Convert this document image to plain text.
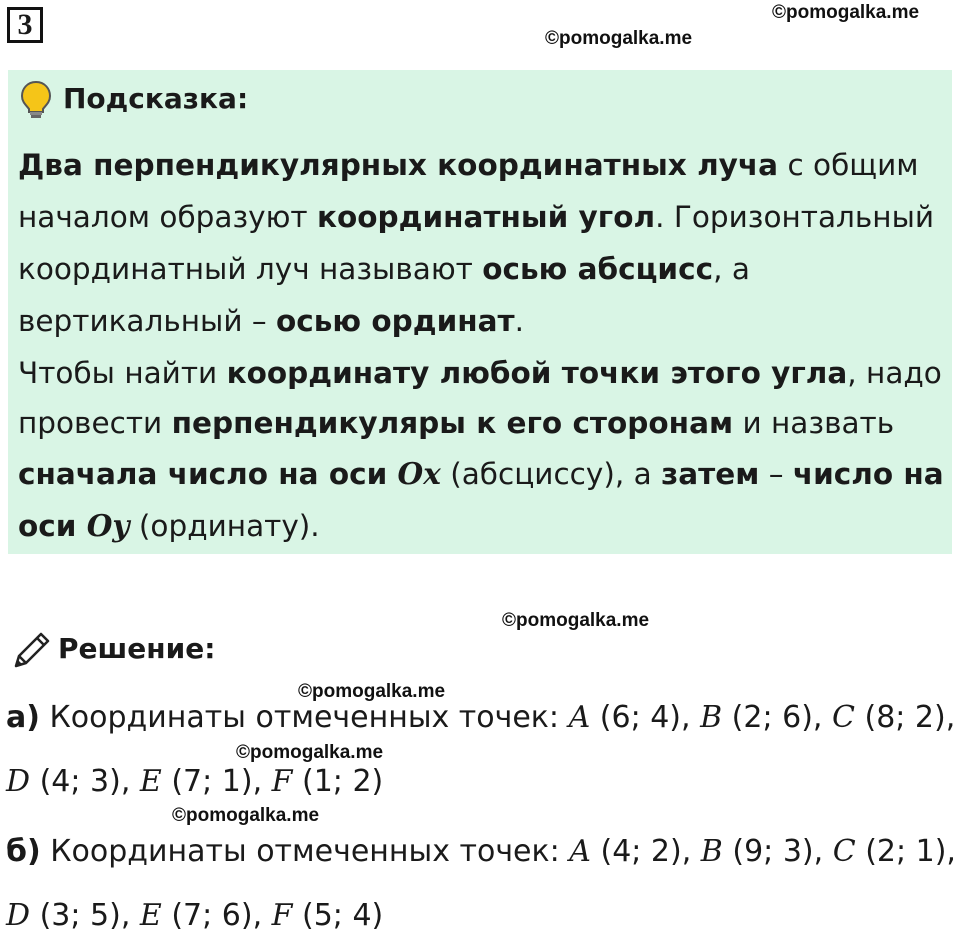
3	©pomogalka.me
©pomogalka.me
Подсказка:
Два перпендикулярных координатных луча с общим
началом образуют координатный угол. Горизонтальный
координатный луч называют осью абсцисс, а
вертикальный – осью ординат.
Чтобы найти координату любой точки этого угла, надо
провести перпендикуляры к его сторонам и назвать
сначала число на оси Ox (абсциссу), а затем – число на
оси Oy (ординату).
©pomogalka.me
Решение:
©pomogalka.me
а) Координаты отмеченных точек: A (6; 4), B (2; 6), C (8; 2),
©pomogalka.me
D (4; 3), E (7; 1), F (1; 2)
©pomogalka.me
б) Координаты отмеченных точек: A (4; 2), B (9; 3), C (2; 1),
D (3; 5), E (7; 6), F (5; 4)
